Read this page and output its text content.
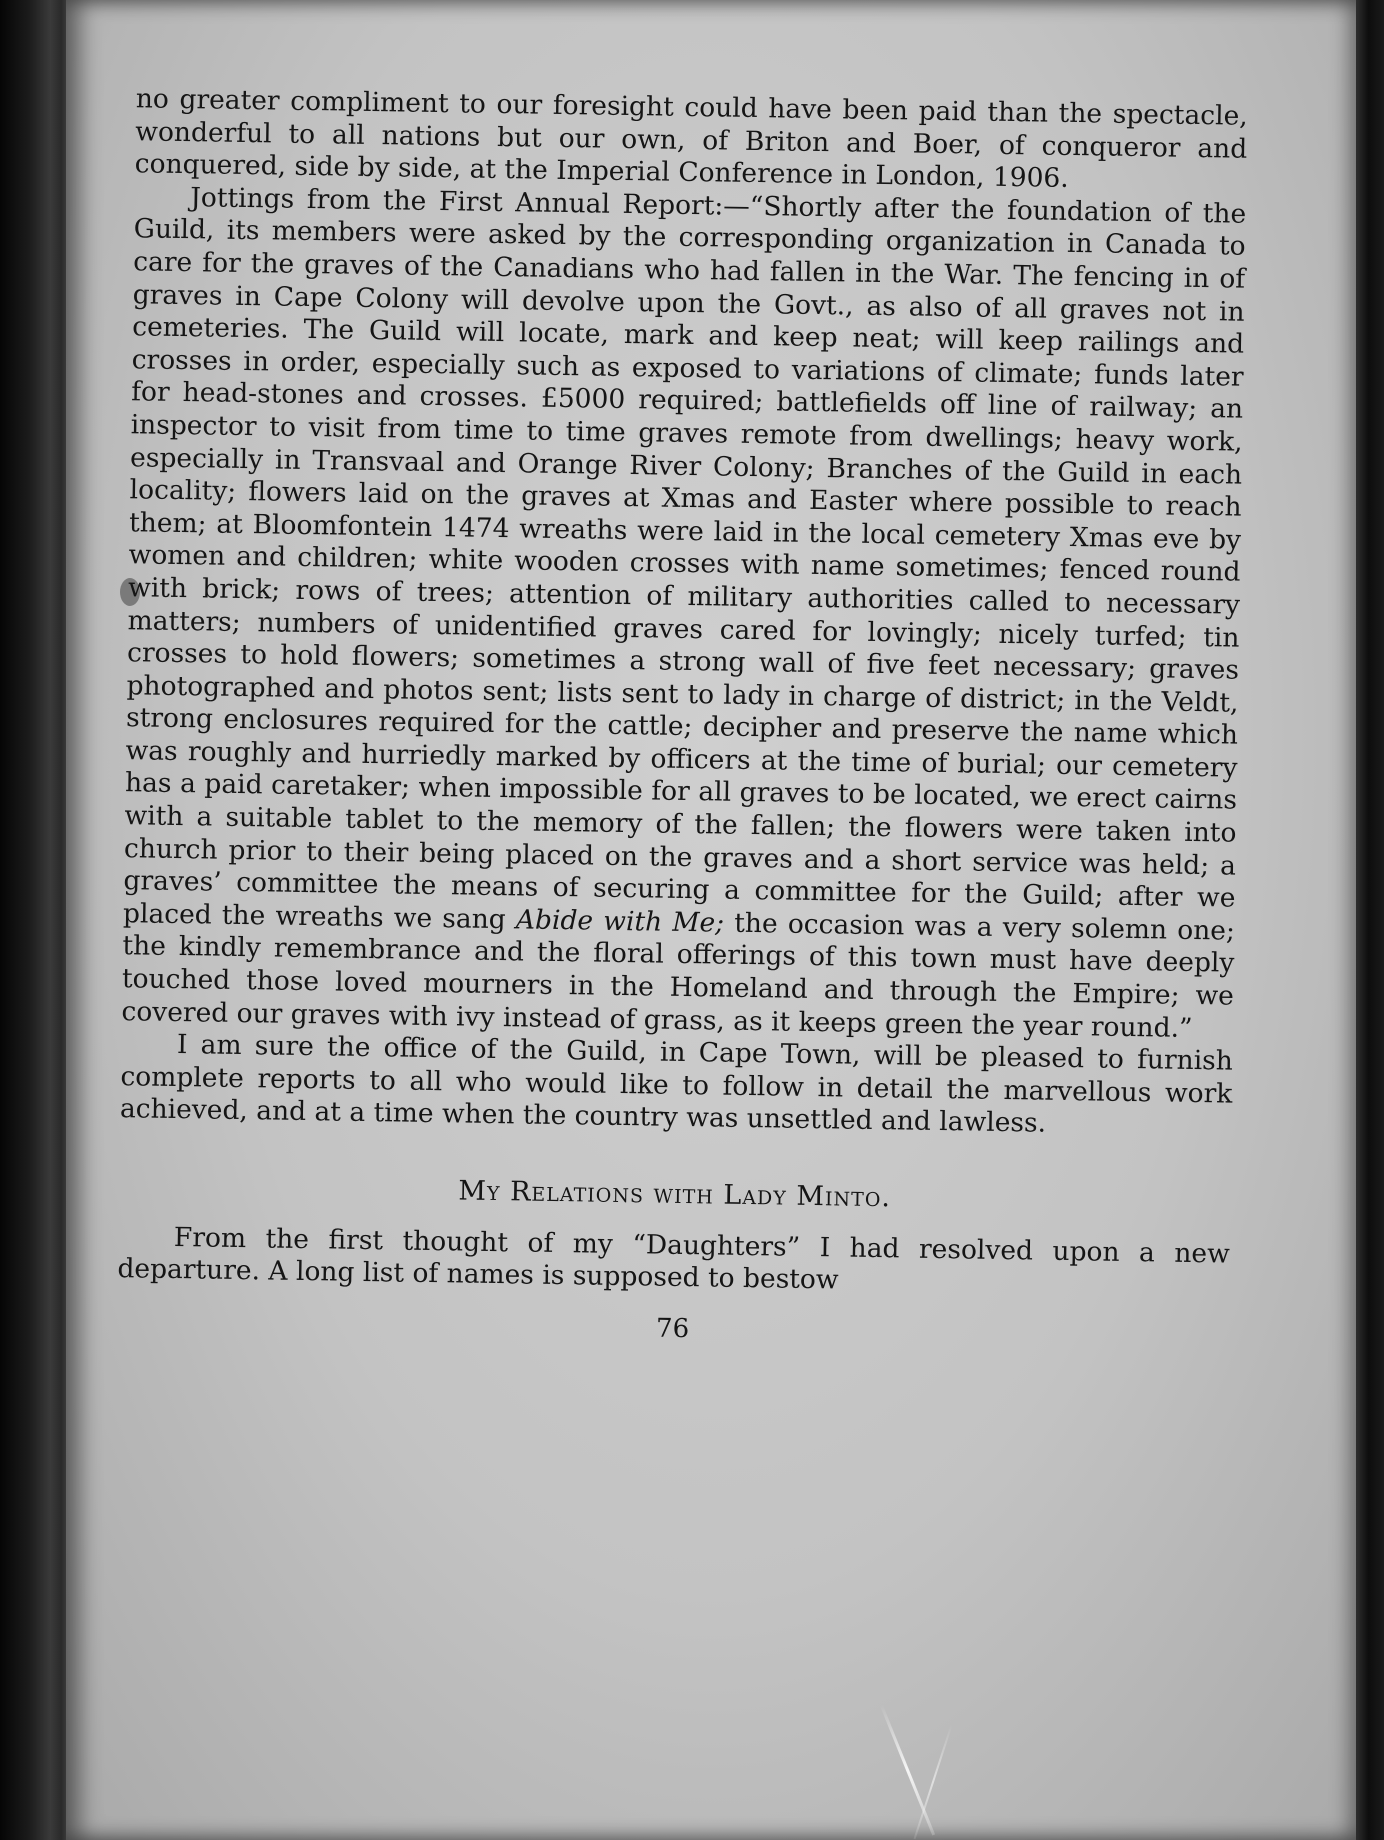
no greater compliment to our foresight could have been paid than the spectacle, wonderful to all nations but our own, of Briton and Boer, of conqueror and conquered, side by side, at the Imperial Conference in London, 1906.

Jottings from the First Annual Report:—“Shortly after the foundation of the Guild, its members were asked by the corresponding organization in Canada to care for the graves of the Canadians who had fallen in the War. The fencing in of graves in Cape Colony will devolve upon the Govt., as also of all graves not in cemeteries. The Guild will locate, mark and keep neat; will keep railings and crosses in order, especially such as exposed to variations of climate; funds later for head-stones and crosses. £5000 required; battlefields off line of railway; an inspector to visit from time to time graves remote from dwellings; heavy work, especially in Transvaal and Orange River Colony; Branches of the Guild in each locality; flowers laid on the graves at Xmas and Easter where possible to reach them; at Bloomfontein 1474 wreaths were laid in the local cemetery Xmas eve by women and children; white wooden crosses with name sometimes; fenced round with brick; rows of trees; attention of military authorities called to necessary matters; numbers of unidentified graves cared for lovingly; nicely turfed; tin crosses to hold flowers; sometimes a strong wall of five feet necessary; graves photographed and photos sent; lists sent to lady in charge of district; in the Veldt, strong enclosures required for the cattle; decipher and preserve the name which was roughly and hurriedly marked by officers at the time of burial; our cemetery has a paid caretaker; when impossible for all graves to be located, we erect cairns with a suitable tablet to the memory of the fallen; the flowers were taken into church prior to their being placed on the graves and a short service was held; a graves’ committee the means of securing a committee for the Guild; after we placed the wreaths we sang Abide with Me; the occasion was a very solemn one; the kindly remembrance and the floral offerings of this town must have deeply touched those loved mourners in the Homeland and through the Empire; we covered our graves with ivy instead of grass, as it keeps green the year round.”

I am sure the office of the Guild, in Cape Town, will be pleased to furnish complete reports to all who would like to follow in detail the marvellous work achieved, and at a time when the country was unsettled and lawless.

My Relations with Lady Minto.

From the first thought of my “Daughters” I had resolved upon a new departure. A long list of names is supposed to bestow

76
